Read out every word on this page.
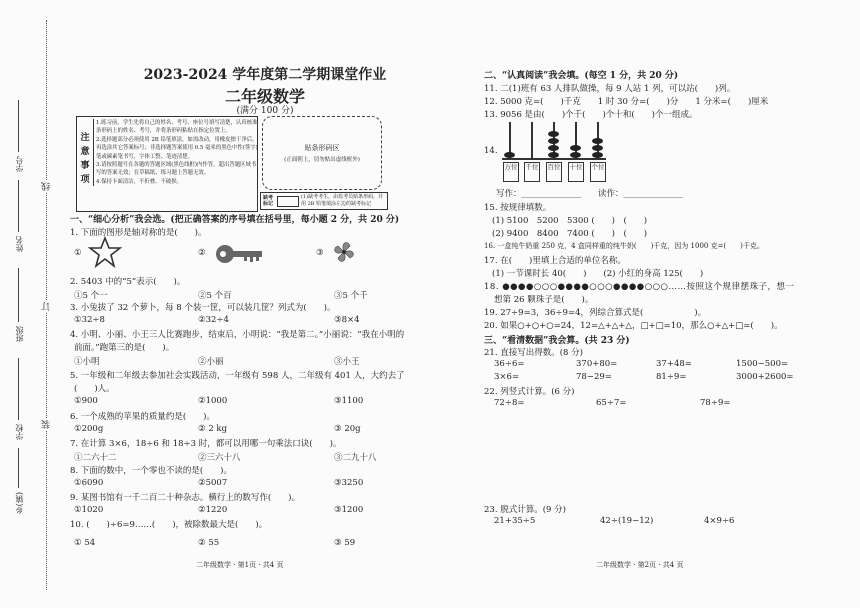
学号
姓名
班级
学校
乡(镇)
线
订
装
2023-2024 学年度第二学期课堂作业
二年级数学
(满分 100 分)
注 意 事 项
1.练习前，学生先将自己的姓名、考号、座位号填写清楚，认真核准条形码上的姓名、考号，并将条形码粘贴在指定位置上。
2.选择题部分必须使用 2B 铅笔填涂，如需改动，用橡皮擦干净后，再选涂其它答案标号；非选择题答案使用 0.5 毫米的黑色中性(签字)笔或碳素笔书写，字体工整、笔迹清楚。
3.请按照题号在各题的答题区域(黑色线框)内作答，超出答题区域书写的答案无效；在草稿纸、练习题上答题无效。
4.保持卡面清洁，不折叠、不破损。
贴条形码区
(正面朝上，切勿贴出虚线框外)
缺考标记
(1)缺考考生，由监考员贴条形码，并用 2B 铅笔填涂左边的缺考标记
一、“细心分析”我会选。(把正确答案的序号填在括号里，每小题 2 分，共 20 分)
1. 下面的图形是轴对称的是(　　)。
①	②	③
2. 5403 中的“5”表示(　　)。
①5 个一	②5 个百	③5 个千
3. 小兔拔了 32 个萝卜，每 8 个装一筐，可以装几筐？列式为(　　)。
①32÷8	②32÷4	③8×4
4. 小明、小丽、小王三人比赛跑步，结束后，小明说：“我是第二。”小丽说：“我在小明的
前面。”跑第三的是(　　)。
①小明	②小丽	③小王
5. 一年级和二年级去参加社会实践活动，一年级有 598 人，二年级有 401 人，大约去了
(　　)人。
①900	②1000	③1100
6. 一个成熟的苹果的质量约是(　　)。
①200g	② 2 kg	③ 20g
7. 在计算 3×6，18÷6 和 18÷3 时，都可以用哪一句乘法口诀(　　)。
①二六十二	②三六十八	③二九十八
8. 下面的数中，一个零也不读的是(　　)。
①6090	②5007	③3250
9. 某图书馆有一千二百二十种杂志。横行上的数写作(　　)。
①1020	②1220	③1200
10. (　　)÷6=9……(　　)，被除数最大是(　　)。
① 54	② 55	③ 59
二年级数学 · 第1页 · 共4 页
二、“认真阅读”我会填。(每空 1 分，共 20 分)
11. 二(1)班有 63 人排队做操，每 9 人站 1 列，可以站(　　)列。
12. 5000 克=(　　)千克　　1 时 30 分=(　　)分　　1 分米=(　　)厘米
13. 9056 是由(　　)个千(　　)个十和(　　)个一组成。
14.
万位 千位 百位 十位 个位
写作：______________　　读作：______________
15. 按规律填数。
(1) 5100　5200　5300 (　　)　(　　)
(2) 9400　8400　7400 (　　)　(　　)
16. 一盒纯牛奶重 250 克，4 盒同样重的纯牛奶(　　)千克，因为 1000 克=(　　)千克。
17. 在(　　)里填上合适的单位名称。
(1) 一节课时长 40(　　)　　(2) 小红的身高 125(　　)
18. ●●●●○○○●●●●○○○●●●●○○○……按照这个规律摆珠子，想一
想第 26 颗珠子是(　　)。
19. 27÷9=3，36÷9=4，列综合算式是(　　　　　　)。
20. 如果○+○+○=24，12=△+△+△，□+□=10，那么○+△+□=(　　)。
三、“看清数据”我会算。(共 23 分)
21. 直接写出得数。(8 分)
36÷6=	370+80=	37+48=	1500−500=
3×6=	78−29=	81÷9=	3000+2600=
22. 列竖式计算。(6 分)
72÷8=	65÷7=	78÷9=
23. 脱式计算。(9 分)
21+35÷5	42÷(19−12)	4×9÷6
二年级数学 · 第2页 · 共4 页
